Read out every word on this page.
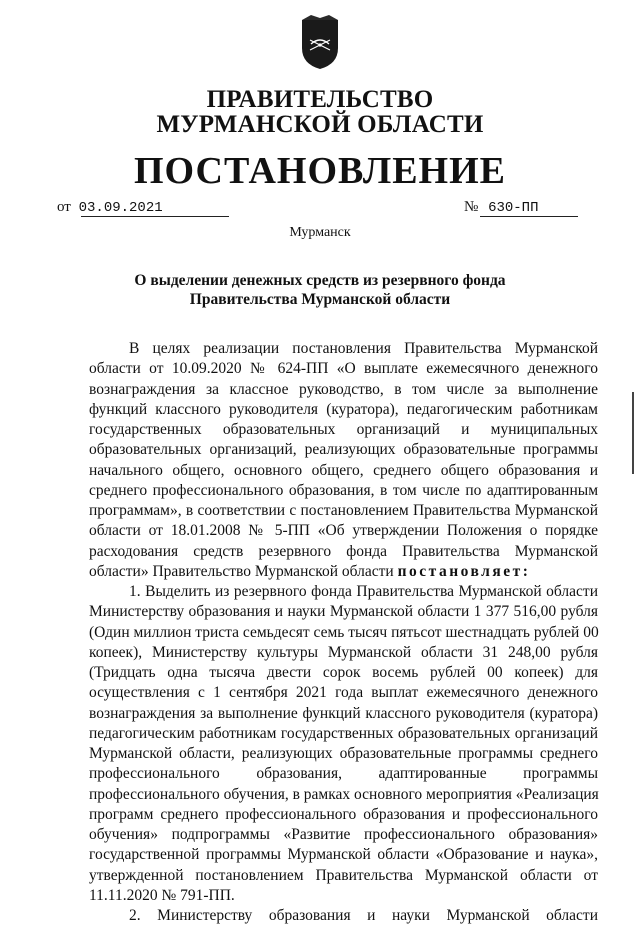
ПРАВИТЕЛЬСТВО
МУРМАНСКОЙ ОБЛАСТИ
ПОСТАНОВЛЕНИЕ
от 03.09.2021	№ 630-ПП
Мурманск
О выделении денежных средств из резервного фонда
Правительства Мурманской области
В целях реализации постановления Правительства Мурманской
области от 10.09.2020 № 624-ПП «О выплате ежемесячного денежного
вознаграждения за классное руководство, в том числе за выполнение
функций классного руководителя (куратора), педагогическим работникам
государственных образовательных организаций и муниципальных
образовательных организаций, реализующих образовательные программы
начального общего, основного общего, среднего общего образования и
среднего профессионального образования, в том числе по адаптированным
программам», в соответствии с постановлением Правительства Мурманской
области от 18.01.2008 № 5-ПП «Об утверждении Положения о порядке
расходования средств резервного фонда Правительства Мурманской
области» Правительство Мурманской области постановляет:
1. Выделить из резервного фонда Правительства Мурманской области
Министерству образования и науки Мурманской области 1 377 516,00 рубля
(Один миллион триста семьдесят семь тысяч пятьсот шестнадцать рублей 00
копеек), Министерству культуры Мурманской области 31 248,00 рубля
(Тридцать одна тысяча двести сорок восемь рублей 00 копеек) для
осуществления с 1 сентября 2021 года выплат ежемесячного денежного
вознаграждения за выполнение функций классного руководителя (куратора)
педагогическим работникам государственных образовательных организаций
Мурманской области, реализующих образовательные программы среднего
профессионального образования, адаптированные программы
профессионального обучения, в рамках основного мероприятия «Реализация
программ среднего профессионального образования и профессионального
обучения» подпрограммы «Развитие профессионального образования»
государственной программы Мурманской области «Образование и наука»,
утвержденной постановлением Правительства Мурманской области от
11.11.2020 № 791-ПП.
2. Министерству образования и науки Мурманской области
